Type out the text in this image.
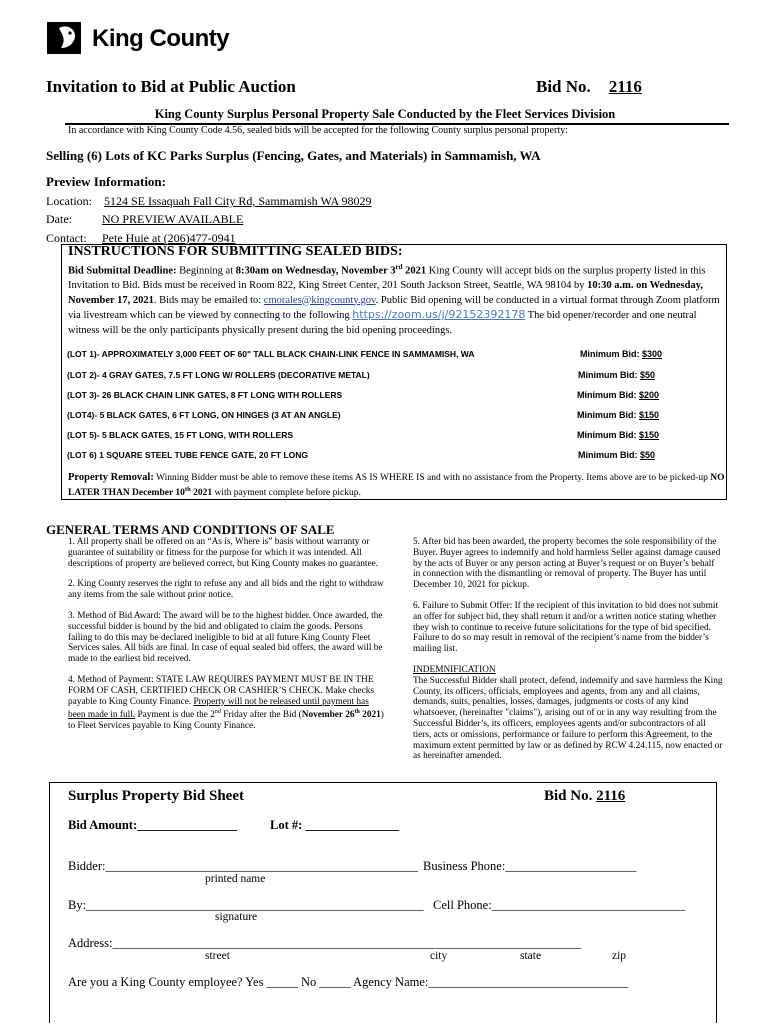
King County
Invitation to Bid at Public Auction	Bid No. 2116
King County Surplus Personal Property Sale Conducted by the Fleet Services Division
In accordance with King County Code 4.56, sealed bids will be accepted for the following County surplus personal property:
Selling (6) Lots of KC Parks Surplus (Fencing, Gates, and Materials) in Sammamish, WA
Preview Information:
Location: 5124 SE Issaquah Fall City Rd, Sammamish WA 98029
Date:	NO PREVIEW AVAILABLE
Contact: Pete Huie at (206)477-0941
INSTRUCTIONS FOR SUBMITTING SEALED BIDS:
Bid Submittal Deadline: Beginning at 8:30am on Wednesday, November 3rd 2021 King County will accept bids on the surplus property listed in this Invitation to Bid. Bids must be received in Room 822, King Street Center, 201 South Jackson Street, Seattle, WA 98104 by 10:30 a.m. on Wednesday, November 17, 2021. Bids may be emailed to: cmorales@kingcounty.gov. Public Bid opening will be conducted in a virtual format through Zoom platform via livestream which can be viewed by connecting to the following https://zoom.us/j/92152392178 The bid opener/recorder and one neutral witness will be the only participants physically present during the bid opening proceedings.
(LOT 1)- APPROXIMATELY 3,000 FEET OF 60" TALL BLACK CHAIN-LINK FENCE IN SAMMAMISH, WA	Minimum Bid: $300
(LOT 2)- 4 GRAY GATES, 7.5 FT LONG W/ ROLLERS (DECORATIVE METAL)	Minimum Bid: $50
(LOT 3)- 26 BLACK CHAIN LINK GATES, 8 FT LONG WITH ROLLERS	Minimum Bid: $200
(LOT4)- 5 BLACK GATES, 6 FT LONG, ON HINGES (3 AT AN ANGLE)	Minimum Bid: $150
(LOT 5)- 5 BLACK GATES, 15 FT LONG, WITH ROLLERS	Minimum Bid: $150
(LOT 6) 1 SQUARE STEEL TUBE FENCE GATE, 20 FT LONG	Minimum Bid: $50
Property Removal: Winning Bidder must be able to remove these items AS IS WHERE IS and with no assistance from the Property. Items above are to be picked-up NO LATER THAN December 10th 2021 with payment complete before pickup.
GENERAL TERMS AND CONDITIONS OF SALE

1. All property shall be offered on an “As is, Where is” basis without warranty or guarantee of suitability or fitness for the purpose for which it was intended. All descriptions of property are believed correct, but King County makes no guarantee.

2. King County reserves the right to refuse any and all bids and the right to withdraw any items from the sale without prior notice.

3. Method of Bid Award: The award will be to the highest bidder. Once awarded, the successful bidder is bound by the bid and obligated to claim the goods. Persons failing to do this may be declared ineligible to bid at all future King County Fleet Services sales. All bids are final. In case of equal sealed bid offers, the award will be made to the earliest bid received.

4. Method of Payment: STATE LAW REQUIRES PAYMENT MUST BE IN THE FORM OF CASH, CERTIFIED CHECK OR CASHIER’S CHECK. Make checks payable to King County Finance. Property will not be released until payment has been made in full. Payment is due the 2nd Friday after the Bid (November 26th 2021) to Fleet Services payable to King County Finance.

5. After bid has been awarded, the property becomes the sole responsibility of the Buyer. Buyer agrees to indemnify and hold harmless Seller against damage caused by the acts of Buyer or any person acting at Buyer’s request or on Buyer’s behalf in connection with the dismantling or removal of property. The Buyer has until December 10, 2021 for pickup.

6. Failure to Submit Offer: If the recipient of this invitation to bid does not submit an offer for subject bid, they shall return it and/or a written notice stating whether they wish to continue to receive future solicitations for the type of bid specified. Failure to do so may result in removal of the recipient’s name from the bidder’s mailing list.

INDEMNIFICATION
The Successful Bidder shall protect, defend, indemnify and save harmless the King County, its officers, officials, employees and agents, from any and all claims, demands, suits, penalties, losses, damages, judgments or costs of any kind whatsoever, (hereinafter "claims"), arising out of or in any way resulting from the Successful Bidder’s, its officers, employees agents and/or subcontractors of all tiers, acts or omissions, performance or failure to perform this Agreement, to the maximum extent permitted by law or as defined by RCW 4.24.115, now enacted or as hereinafter amended.
Surplus Property Bid Sheet	Bid No. 2116
Bid Amount:________________	Lot #: _______________
Bidder:__________________________________________________ Business Phone:_____________________
printed name
By:______________________________________________________ Cell Phone:_______________________________
signature
Address:___________________________________________________________________________
street	city	state	zip
Are you a King County employee? Yes _____ No _____ Agency Name:________________________________
